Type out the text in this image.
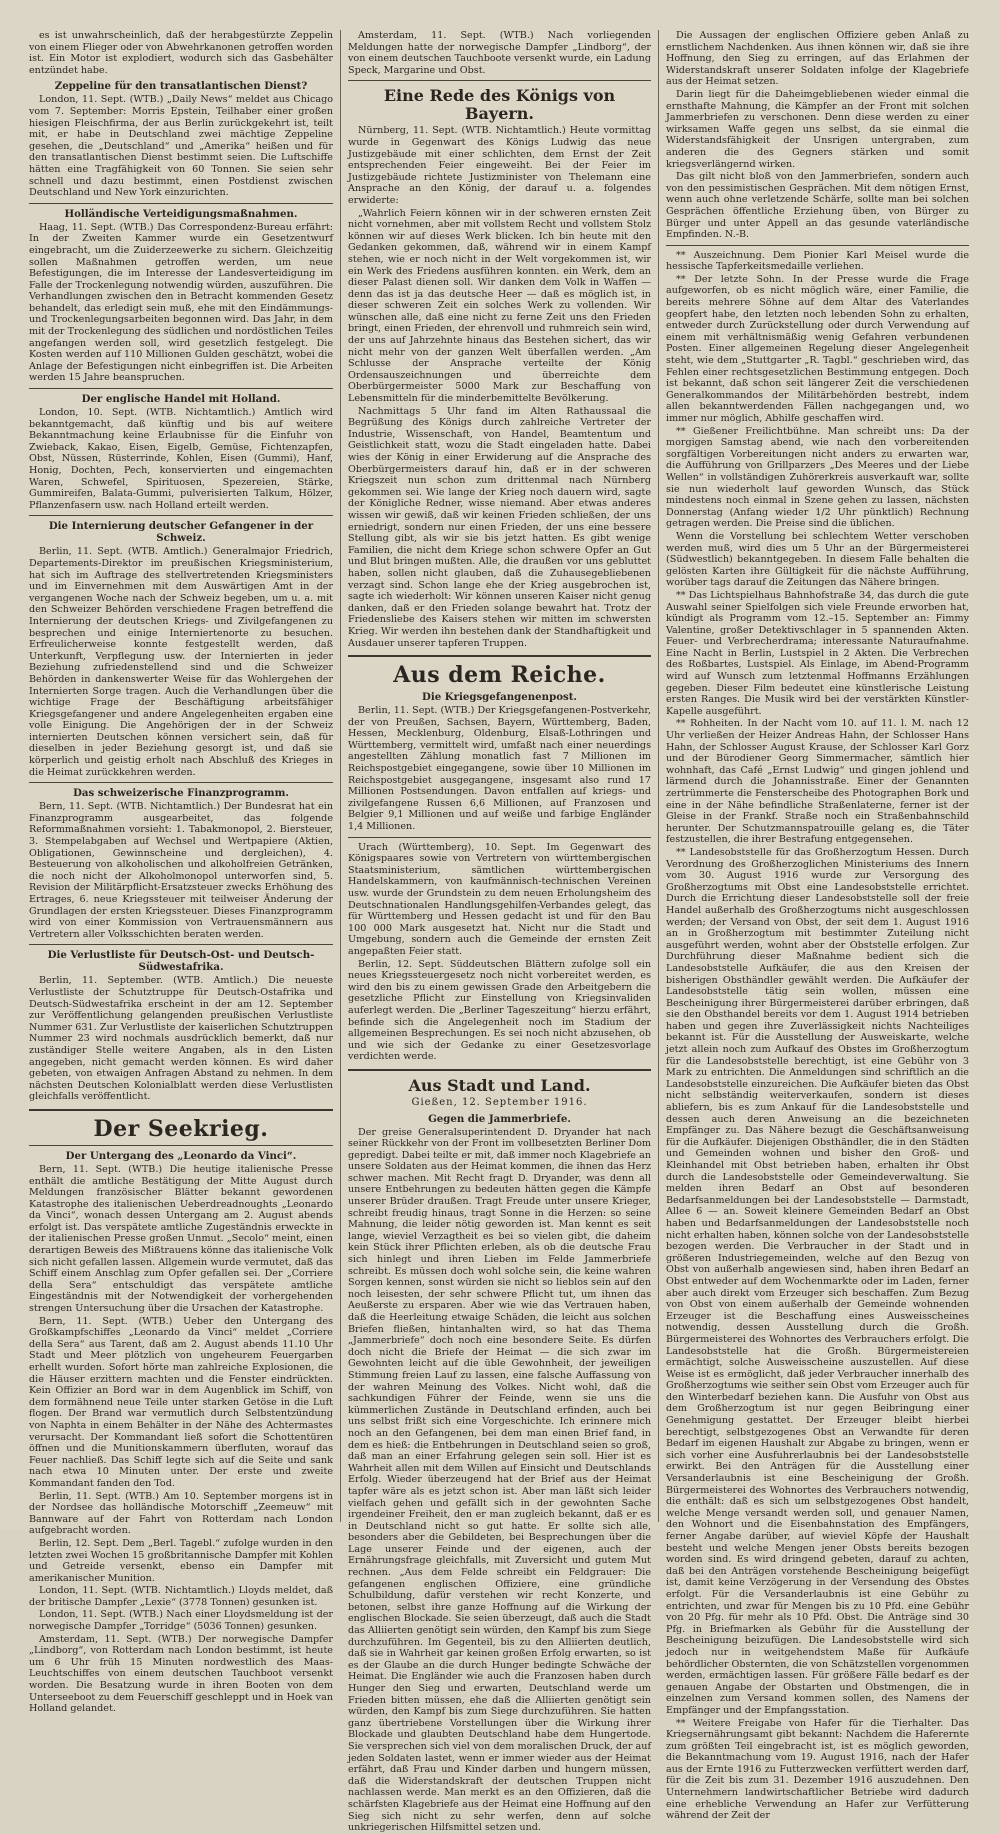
es ist unwahrscheinlich, daß der herabgestürzte Zeppelin von einem Flieger oder von Abwehrkanonen getroffen worden ist. Ein Motor ist explodiert, wodurch sich das Gasbehälter entzündet habe.

Zeppeline für den transatlantischen Dienst?

London, 11. Sept. (WTB.) „Daily News“ meldet aus Chicago vom 7. September: Morris Epstein, Teilhaber einer großen hiesigen Fleischfirma, der aus Berlin zurückgekehrt ist, teilt mit, er habe in Deutschland zwei mächtige Zeppeline gesehen, die „Deutschland“ und „Amerika“ heißen und für den transatlantischen Dienst bestimmt seien. Die Luftschiffe hätten eine Tragfähigkeit von 60 Tonnen. Sie seien sehr schnell und dazu bestimmt, einen Postdienst zwischen Deutschland und New York einzurichten.

Holländische Verteidigungsmaßnahmen.

Haag, 11. Sept. (WTB.) Das Correspondenz-Bureau erfährt: In der Zweiten Kammer wurde ein Gesetzentwurf eingebracht, um die Zuiderzeewerke zu sichern. Gleichzeitig sollen Maßnahmen getroffen werden, um neue Befestigungen, die im Interesse der Landesverteidigung im Falle der Trockenlegung notwendig würden, auszuführen. Die Verhandlungen zwischen den in Betracht kommenden Gesetz behandelt, das erledigt sein muß, ehe mit den Eindämmungs- und Trockenlegungsarbeiten begonnen wird. Das Jahr, in dem mit der Trockenlegung des südlichen und nordöstlichen Teiles angefangen werden soll, wird gesetzlich festgelegt. Die Kosten werden auf 110 Millionen Gulden geschätzt, wobei die Anlage der Befestigungen nicht einbegriffen ist. Die Arbeiten werden 15 Jahre beanspruchen.

Der englische Handel mit Holland.

London, 10. Sept. (WTB. Nichtamtlich.) Amtlich wird bekanntgemacht, daß künftig und bis auf weitere Bekanntmachung keine Erlaubnisse für die Einfuhr von Zwieback, Kakao, Eisen, Eigelb, Gemüse, Fichtenzapfen, Obst, Nüssen, Rüsterrinde, Kohlen, Eisen (Gummi), Hanf, Honig, Dochten, Pech, konservierten und eingemachten Waren, Schwefel, Spirituosen, Spezereien, Stärke, Gummireifen, Balata-Gummi, pulverisierten Talkum, Hölzer, Pflanzenfasern usw. nach Holland erteilt werden.

Die Internierung deutscher Gefangener in der Schweiz.

Berlin, 11. Sept. (WTB. Amtlich.) Generalmajor Friedrich, Departements-Direktor im preußischen Kriegsministerium, hat sich im Auftrage des stellvertretenden Kriegsministers und im Einvernehmen mit dem Auswärtigen Amt in der vergangenen Woche nach der Schweiz begeben, um u. a. mit den Schweizer Behörden verschiedene Fragen betreffend die Internierung der deutschen Kriegs- und Zivilgefangenen zu besprechen und einige Interniertenorte zu besuchen. Erfreulicherweise konnte festgestellt werden, daß Unterkunft, Verpflegung usw. der Internierten in jeder Beziehung zufriedenstellend sind und die Schweizer Behörden in dankenswerter Weise für das Wohlergehen der Internierten Sorge tragen. Auch die Verhandlungen über die wichtige Frage der Beschäftigung arbeitsfähiger Kriegsgefangener und andere Angelegenheiten ergaben eine volle Einigung. Die Angehörigen der in der Schweiz internierten Deutschen können versichert sein, daß für dieselben in jeder Beziehung gesorgt ist, und daß sie körperlich und geistig erholt nach Abschluß des Krieges in die Heimat zurückkehren werden.

Das schweizerische Finanzprogramm.

Bern, 11. Sept. (WTB. Nichtamtlich.) Der Bundesrat hat ein Finanzprogramm ausgearbeitet, das folgende Reformmaßnahmen vorsieht: 1. Tabakmonopol, 2. Biersteuer, 3. Stempelabgaben auf Wechsel und Wertpapiere (Aktien, Obligationen, Gewinnscheine und dergleichen), 4. Besteuerung von alkoholischen und alkoholfreien Getränken, die noch nicht der Alkoholmonopol unterworfen sind, 5. Revision der Militärpflicht-Ersatzsteuer zwecks Erhöhung des Ertrages, 6. neue Kriegssteuer mit teilweiser Änderung der Grundlagen der ersten Kriegssteuer. Dieses Finanzprogramm wird von einer Kommission von Vertrauensmännern aus Vertretern aller Volksschichten beraten werden.

Die Verlustliste für Deutsch-Ost- und Deutsch-Südwestafrika.

Berlin, 11. September. (WTB. Amtlich.) Die neueste Verlustliste der Schutztruppe für Deutsch-Ostafrika und Deutsch-Südwestafrika erscheint in der am 12. September zur Veröffentlichung gelangenden preußischen Verlustliste Nummer 631. Zur Verlustliste der kaiserlichen Schutztruppen Nummer 23 wird nochmals ausdrücklich bemerkt, daß nur zuständiger Stelle weitere Angaben, als in den Listen angegeben, nicht gemacht werden können. Es wird daher gebeten, von etwaigen Anfragen Abstand zu nehmen. In dem nächsten Deutschen Kolonialblatt werden diese Verlustlisten gleichfalls veröffentlicht.

Der Seekrieg.
Der Untergang des „Leonardo da Vinci“.

Bern, 11. Sept. (WTB.) Die heutige italienische Presse enthält die amtliche Bestätigung der Mitte August durch Meldungen französischer Blätter bekannt gewordenen Katastrophe des italienischen Ueberdreadnoughts „Leonardo da Vinci“, wonach dessen Untergang am 2. August abends erfolgt ist. Das verspätete amtliche Zugeständnis erweckte in der italienischen Presse großen Unmut. „Secolo“ meint, einen derartigen Beweis des Mißtrauens könne das italienische Volk sich nicht gefallen lassen. Allgemein wurde vermutet, daß das Schiff einem Anschlag zum Opfer gefallen sei. Der „Corriere della Sera“ entschuldigt das verspätete amtliche Eingeständnis mit der Notwendigkeit der vorhergehenden strengen Untersuchung über die Ursachen der Katastrophe.

Bern, 11. Sept. (WTB.) Ueber den Untergang des Großkampfschiffes „Leonardo da Vinci“ meldet „Corriere della Sera“ aus Tarent, daß am 2. August abends 11.10 Uhr Stadt und Meer plötzlich von ungeheurem Feuergarben erhellt wurden. Sofort hörte man zahlreiche Explosionen, die die Häuser erzittern machten und die Fenster eindrückten. Kein Offizier an Bord war in dem Augenblick im Schiff, von dem formähnend neue Teile unter starken Getöse in die Luft flogen. Der Brand war vermutlich durch Selbstentzündung von Naphta in einem Behälter in der Nähe des Achtermastes verursacht. Der Kommandant ließ sofort die Schottentüren öffnen und die Munitionskammern überfluten, worauf das Feuer nachließ. Das Schiff legte sich auf die Seite und sank nach etwa 10 Minuten unter. Der erste und zweite Kommandant fanden den Tod.

Berlin, 11. Sept. (WTB.) Am 10. September morgens ist in der Nordsee das holländische Motorschiff „Zeemeuw“ mit Bannware auf der Fahrt von Rotterdam nach London aufgebracht worden.

Berlin, 12. Sept. Dem „Berl. Tagebl.“ zufolge wurden in den letzten zwei Wochen 15 großbritannische Dampfer mit Kohlen und Getreide versenkt, ebenso ein Dampfer mit amerikanischer Munition.

London, 11. Sept. (WTB. Nichtamtlich.) Lloyds meldet, daß der britische Dampfer „Lexie“ (3778 Tonnen) gesunken ist.

London, 11. Sept. (WTB.) Nach einer Lloydsmeldung ist der norwegische Dampfer „Torridge“ (5036 Tonnen) gesunken.

Amsterdam, 11. Sept. (WTB.) Der norwegische Dampfer „Lindborg“, von Rotterdam nach London bestimmt, ist heute um 6 Uhr früh 15 Minuten nordwestlich des Maas-Leuchtschiffes von einem deutschen Tauchboot versenkt worden. Die Besatzung wurde in ihren Booten von dem Unterseeboot zu dem Feuerschiff geschleppt und in Hoek van Holland gelandet.

Amsterdam, 11. Sept. (WTB.) Nach vorliegenden Meldungen hatte der norwegische Dampfer „Lindborg“, der von einem deutschen Tauchboote versenkt wurde, ein Ladung Speck, Margarine und Obst.

Eine Rede des Königs von Bayern.

Nürnberg, 11. Sept. (WTB. Nichtamtlich.) Heute vormittag wurde in Gegenwart des Königs Ludwig das neue Justizgebäude mit einer schlichten, dem Ernst der Zeit entsprechenden Feier eingeweiht. Bei der Feier im Justizgebäude richtete Justizminister von Thelemann eine Ansprache an den König, der darauf u. a. folgendes erwiderte:

„Wahrlich Feiern können wir in der schweren ernsten Zeit nicht vornehmen, aber mit vollstem Recht und vollstem Stolz können wir auf dieses Werk blicken. Ich bin heute mit den Gedanken gekommen, daß, während wir in einem Kampf stehen, wie er noch nicht in der Welt vorgekommen ist, wir ein Werk des Friedens ausführen konnten. ein Werk, dem an dieser Palast dienen soll. Wir danken dem Volk in Waffen — denn das ist ja das deutsche Heer — daß es möglich ist, in dieser schweren Zeit ein solches Werk zu vollenden. Wir wünschen alle, daß eine nicht zu ferne Zeit uns den Frieden bringt, einen Frieden, der ehrenvoll und ruhmreich sein wird, der uns auf Jahrzehnte hinaus das Bestehen sichert, das wir nicht mehr von der ganzen Welt überfallen werden. „Am Schlusse der Ansprache verteilte der König Ordensauszeichnungen und überreichte dem Oberbürgermeister 5000 Mark zur Beschaffung von Lebensmitteln für die minderbemittelte Bevölkerung.

Nachmittags 5 Uhr fand im Alten Rathaussaal die Begrüßung des Königs durch zahlreiche Vertreter der Industrie, Wissenschaft, von Handel, Beamtentum und Geistlichkeit statt, wozu die Stadt eingeladen hatte. Dabei wies der König in einer Erwiderung auf die Ansprache des Oberbürgermeisters darauf hin, daß er in der schweren Kriegszeit nun schon zum drittenmal nach Nürnberg gekommen sei. Wie lange der Krieg noch dauern wird, sagte der Königliche Redner, wisse niemand. Aber etwas anderes wissen wir gewiß, daß wir keinen Frieden schließen, der uns erniedrigt, sondern nur einen Frieden, der uns eine bessere Stellung gibt, als wir sie bis jetzt hatten. Es gibt wenige Familien, die nicht dem Kriege schon schwere Opfer an Gut und Blut bringen mußten. Alle, die draußen vor uns gebluttet haben, sollen nicht glauben, daß die Zuhausegebliebenen verzagt sind. Schon lange ehe der Krieg ausgebrochen ist, sagte ich wiederholt: Wir können unseren Kaiser nicht genug danken, daß er den Frieden solange bewahrt hat. Trotz der Friedensliebe des Kaisers stehen wir mitten im schwersten Krieg. Wir werden ihn bestehen dank der Standhaftigkeit und Ausdauer unserer tapferen Truppen.

Aus dem Reiche.
Die Kriegsgefangenenpost.

Berlin, 11. Sept. (WTB.) Der Kriegsgefangenen-Postverkehr, der von Preußen, Sachsen, Bayern, Württemberg, Baden, Hessen, Mecklenburg, Oldenburg, Elsaß-Lothringen und Württemberg, vermittelt wird, umfaßt nach einer neuerdings angestellten Zählung monatlich fast 7 Millionen im Reichspostgebiet eingegangene, sowie über 10 Millionen im Reichspostgebiet ausgegangene, insgesamt also rund 17 Millionen Postsendungen. Davon entfallen auf kriegs- und zivilgefangene Russen 6,6 Millionen, auf Franzosen und Belgier 9,1 Millionen und auf weiße und farbige Engländer 1,4 Millionen.

Urach (Württemberg), 10. Sept. Im Gegenwart des Königspaares sowie von Vertretern von württembergischen Staatsministerium, sämtlichen württembergischen Handelskammern, von kaufmännisch-technischen Vereinen usw. wurde der Grundstein zu dem neuen Erholungsheim des Deutschnationalen Handlungsgehilfen-Verbandes gelegt, das für Württemberg und Hessen gedacht ist und für den Bau 100 000 Mark ausgesetzt hat. Nicht nur die Stadt und Umgebung, sondern auch die Gemeinde der ernsten Zeit angepaßten Feier statt.

Berlin, 12. Sept. Süddeutschen Blättern zufolge soll ein neues Kriegssteuergesetz noch nicht vorbereitet werden, es wird den bis zu einem gewissen Grade den Arbeitgebern die gesetzliche Pflicht zur Einstellung von Kriegsinvaliden auferlegt werden. Die „Berliner Tageszeitung“ hierzu erfährt, befinde sich die Angelegenheit noch im Stadium der allgemeinen Besprechungen. Es sei noch nicht abzusehen, ob und wie sich der Gedanke zu einer Gesetzesvorlage verdichten werde.

Aus Stadt und Land.
Gießen, 12. September 1916.
Gegen die Jammerbriefe.

Der greise Generalsuperintendent D. Dryander hat nach seiner Rückkehr von der Front im vollbesetzten Berliner Dom gepredigt. Dabei teilte er mit, daß immer noch Klagebriefe an unsere Soldaten aus der Heimat kommen, die ihnen das Herz schwer machen. Mit Recht fragt D. Dryander, was denn all unsere Entbehrungen zu bedeuten hätten gegen die Kämpfe unserer Brüder draußen. Tragt Freude unter unsere Krieger, schreibt freudig hinaus, tragt Sonne in die Herzen: so seine Mahnung, die leider nötig geworden ist. Man kennt es seit lange, wieviel Verzagtheit es bei so vielen gibt, die daheim kein Stück ihrer Pflichten erleben, als ob die deutsche Frau sich hinlegt und ihren Lieben im Felde Jammerbriefe schreibt. Es müssen doch wohl solche sein, die keine wahren Sorgen kennen, sonst würden sie nicht so lieblos sein auf den noch leisesten, der sehr schwere Pflicht tut, um ihnen das Aeußerste zu ersparen. Aber wie wie das Vertrauen haben, daß die Heerleitung etwaige Schäden, die leicht aus solchen Briefen fließen, hintanhalten wird, so hat das Thema „Jammerbriefe“ doch noch eine besondere Seite. Es dürfen doch nicht die Briefe der Heimat — die sich zwar im Gewohnten leicht auf die üble Gewohnheit, der jeweiligen Stimmung freien Lauf zu lassen, eine falsche Auffassung von der wahren Meinung des Volkes. Nicht wohl, daß die sachkundigen Führer der Feinde, wenn sie uns die kümmerlichen Zustände in Deutschland erfinden, auch bei uns selbst frißt sich eine Vorgeschichte. Ich erinnere mich noch an den Gefangenen, bei dem man einen Brief fand, in dem es hieß: die Entbehrungen in Deutschland seien so groß, daß man an einer Erfahrung gelegen sein soll. Hier ist es Wahrheit allen mit dem Willen auf Einsicht und Deutschlands Erfolg. Wieder überzeugend hat der Brief aus der Heimat tapfer wäre als es jetzt schon ist. Aber man läßt sich leider vielfach gehen und gefällt sich in der gewohnten Sache irgendeiner Freiheit, den er man zugleich bekannt, daß er es in Deutschland nicht so gut hatte. Er sollte sich alle, besonders aber die Gebildeten, bei Besprechungen über die Lage unserer Feinde und der eigenen, auch der Ernährungsfrage gleichfalls, mit Zuversicht und gutem Mut rechnen. „Aus dem Felde schreibt ein Feldgrauer: Die gefangenen englischen Offiziere, eine gründliche Schulbildung, dafür verstehen wir recht Konzerte, und betonen, selbst ihre ganze Hoffnung auf die Wirkung der englischen Blockade. Sie seien überzeugt, daß auch die Stadt das Alliierten genötigt sein würden, den Kampf bis zum Siege durchzuführen. Im Gegenteil, bis zu den Alliierten deutlich, daß sie in Wahrheit gar keinen großen Erfolg erwarten, so ist es der Glaube an die durch Hunger bedingte Schwäche der Heimat. Die Engländer wie auch die Franzosen haben durch Hunger den Sieg und erwarten, Deutschland werde um Frieden bitten müssen, ehe daß die Alliierten genötigt sein würden, den Kampf bis zum Siege durchzuführen. Sie hatten ganz übertriebene Vorstellungen über die Wirkung ihrer Blockade und glaubten Deutschland habe dem Hungertode. Sie versprechen sich viel von dem moralischen Druck, der auf jeden Soldaten lastet, wenn er immer wieder aus der Heimat erfährt, daß Frau und Kinder darben und hungern müssen, daß die Widerstandskraft der deutschen Truppen nicht nachlassen werde. Man merkt es an den Offizieren, daß die schärfsten Klagebriefe aus der Heimat eine Hoffnung auf den Sieg sich nicht zu sehr werfen, denn auf solche unkriegerischen Hilfsmittel setzen und.

Die Aussagen der englischen Offiziere geben Anlaß zu ernstlichem Nachdenken. Aus ihnen können wir, daß sie ihre Hoffnung, den Sieg zu erringen, auf das Erlahmen der Widerstandskraft unserer Soldaten infolge der Klagebriefe aus der Heimat setzen.

Darin liegt für die Daheimgebliebenen wieder einmal die ernsthafte Mahnung, die Kämpfer an der Front mit solchen Jammerbriefen zu verschonen. Denn diese werden zu einer wirksamen Waffe gegen uns selbst, da sie einmal die Widerstandsfähigkeit der Unsrigen untergraben, zum anderen die des Gegners stärken und somit kriegsverlängernd wirken.

Das gilt nicht bloß von den Jammerbriefen, sondern auch von den pessimistischen Gesprächen. Mit dem nötigen Ernst, wenn auch ohne verletzende Schärfe, sollte man bei solchen Gesprächen öffentliche Erziehung üben, von Bürger zu Bürger und unter Appell an das gesunde vaterländische Empfinden. N.-B.

** Auszeichnung. Dem Pionier Karl Meisel wurde die hessische Tapferkeitsmedaille verliehen.

** Der letzte Sohn. In der Presse wurde die Frage aufgeworfen, ob es nicht möglich wäre, einer Familie, die bereits mehrere Söhne auf dem Altar des Vaterlandes geopfert habe, den letzten noch lebenden Sohn zu erhalten, entweder durch Zurückstellung oder durch Verwendung auf einem mit verhältnismäßig wenig Gefahren verbundenen Posten. Einer allgemeinen Regelung dieser Angelegenheit steht, wie dem „Stuttgarter „R. Tagbl.“ geschrieben wird, das Fehlen einer rechtsgesetzlichen Bestimmung entgegen. Doch ist bekannt, daß schon seit längerer Zeit die verschiedenen Generalkommandos der Militärbehörden bestrebt, indem allen bekanntwerdenden Fällen nachgegangen und, wo immer nur möglich, Abhilfe geschaffen wird.

** Gießener Freilichtbühne. Man schreibt uns: Da der morgigen Samstag abend, wie nach den vorbereitenden sorgfältigen Vorbereitungen nicht anders zu erwarten war, die Aufführung von Grillparzers „Des Meeres und der Liebe Wellen“ in vollständigen Zuhörerkreis ausverkauft war, sollte sie nun wiederholt lauf geworden Wunsch, das Stück mindestens noch einmal in Szene gehen zu lassen, nächsten Donnerstag (Anfang wieder 1/2 Uhr pünktlich) Rechnung getragen werden. Die Preise sind die üblichen.

Wenn die Vorstellung bei schlechtem Wetter verschoben werden muß, wird dies um 5 Uhr an der Bürgermeisterei (Südwestlich) bekanntgegeben. In diesem Falle behalten die gelösten Karten ihre Gültigkeit für die nächste Aufführung, worüber tags darauf die Zeitungen das Nähere bringen.

** Das Lichtspielhaus Bahnhofstraße 34, das durch die gute Auswahl seiner Spielfolgen sich viele Freunde erworben hat, kündigt als Programm vom 12.–15. September an: Fimmy Valentine, großer Detektivschlager in 5 spannenden Akten. Feuer- und Verbrecherdrama; interessante Naturaufnahme. Eine Nacht in Berlin, Lustspiel in 2 Akten. Die Verbrechen des Roßbartes, Lustspiel. Als Einlage, im Abend-Programm wird auf Wunsch zum letztenmal Hoffmanns Erzählungen gegeben. Dieser Film bedeutet eine künstlerische Leistung ersten Ranges. Die Musik wird bei der verstärkten Künstler-Kapelle ausgeführt.

** Rohheiten. In der Nacht vom 10. auf 11. l. M. nach 12 Uhr verließen der Heizer Andreas Hahn, der Schlosser Hans Hahn, der Schlosser August Krause, der Schlosser Karl Gorz und der Bürodiener Georg Simmermacher, sämtlich hier wohnhaft, das Café „Ernst Ludwig“ und gingen johlend und lärmend durch die Johannisstraße. Einer der Genannten zertrümmerte die Fensterscheibe des Photographen Bork und eine in der Nähe befindliche Straßenlaterne, ferner ist der Gleise in der Frankf. Straße noch ein Straßenbahnschild herunter. Der Schutzmannspatrouille gelang es, die Täter festzustellen, die ihrer Bestrafung entgegensehen.

** Landesobststelle für das Großherzogtum Hessen. Durch Verordnung des Großherzoglichen Ministeriums des Innern vom 30. August 1916 wurde zur Versorgung des Großherzogtums mit Obst eine Landesobststelle errichtet. Durch die Errichtung dieser Landesobststelle soll der freie Handel außerhalb des Großherzogtums nicht ausgeschlossen werden; der Versand von Obst, der seit dem 1. August 1916 an in Großherzogtum mit bestimmter Zuteilung nicht ausgeführt werden, wohnt aber der Obststelle erfolgen. Zur Durchführung dieser Maßnahme bedient sich die Landesobststelle Aufkäufer, die aus den Kreisen der bisherigen Obsthändler gewählt werden. Die Aufkäufer der Landesobststelle tätig sein wollen, müssen eine Bescheinigung ihrer Bürgermeisterei darüber erbringen, daß sie den Obsthandel bereits vor dem 1. August 1914 betrieben haben und gegen ihre Zuverlässigkeit nichts Nachteiliges bekannt ist. Für die Ausstellung der Ausweiskarte, welche jetzt allein noch zum Aufkauf des Obstes im Großherzogtum für die Landesobststelle berechtigt, ist eine Gebühr von 3 Mark zu entrichten. Die Anmeldungen sind schriftlich an die Landesobststelle einzureichen. Die Aufkäufer bieten das Obst nicht selbständig weiterverkaufen, sondern ist dieses abliefern, bis es zum Ankauf für die Landesobststelle und dessen auch deren Anweisung an die bezeichneten Empfänger zu. Das Nähere bezugt die Geschäftsanweisung für die Aufkäufer. Diejenigen Obsthändler, die in den Städten und Gemeinden wohnen und bisher den Groß- und Kleinhandel mit Obst betrieben haben, erhalten ihr Obst durch die Landesobststelle oder Gemeindeverwaltung. Sie melden ihren Bedarf an Obst auf besonderen Bedarfsanmeldungen bei der Landesobststelle — Darmstadt, Allee 6 — an. Soweit kleinere Gemeinden Bedarf an Obst haben und Bedarfsanmeldungen der Landesobststelle noch nicht erhalten haben, können solche von der Landesobststelle bezogen werden. Die Verbraucher in der Stadt und in größeren Industriegemeinden, welche auf den Bezug von Obst von außerhalb angewiesen sind, haben ihren Bedarf an Obst entweder auf dem Wochenmarkte oder im Laden, ferner aber auch direkt vom Erzeuger sich beschaffen. Zum Bezug von Obst von einem außerhalb der Gemeinde wohnenden Erzeuger ist die Beschaffung eines Ausweisscheines notwendig, dessen Ausstellung durch die Großh. Bürgermeisterei des Wohnortes des Verbrauchers erfolgt. Die Landesobststelle hat die Großh. Bürgermeistereien ermächtigt, solche Ausweisscheine auszustellen. Auf diese Weise ist es ermöglicht, daß jeder Verbraucher innerhalb des Großherzogtums wie seither sein Obst vom Erzeuger auch für den Winterbedarf beziehen kann. Die Ausfuhr von Obst aus dem Großherzogtum ist nur gegen Beibringung einer Genehmigung gestattet. Der Erzeuger bleibt hierbei berechtigt, selbstgezogenes Obst an Verwandte für deren Bedarf im eigenen Haushalt zur Abgabe zu bringen, wenn er sich vorher eine Ausfuhrerlaubnis bei der Landesobststelle erwirkt. Bei den Anträgen für die Ausstellung einer Versanderlaubnis ist eine Bescheinigung der Großh. Bürgermeisterei des Wohnortes des Verbrauchers notwendig, die enthält: daß es sich um selbstgezogenes Obst handelt, welche Menge versandt werden soll, und genauer Namen, den Wohnort und die Eisenbahnstation des Empfängers, ferner Angabe darüber, auf wieviel Köpfe der Haushalt besteht und welche Mengen jener Obsts bereits bezogen worden sind. Es wird dringend gebeten, darauf zu achten, daß bei den Anträgen vorstehende Bescheinigung beigefügt ist, damit keine Verzögerung in der Versendung des Obstes erfolgt. Für die Versanderlaubnis ist eine Gebühr zu entrichten, und zwar für Mengen bis zu 10 Pfd. eine Gebühr von 20 Pfg. für mehr als 10 Pfd. Obst. Die Anträge sind 30 Pfg. in Briefmarken als Gebühr für die Ausstellung der Bescheinigung beizufügen. Die Landesobststelle wird sich jedoch nur in weitgehendstem Maße für Aufkäufe behördlicher Obsternten, die von Schätzstellen vorgenommen werden, ermächtigen lassen. Für größere Fälle bedarf es der genauen Angabe der Obstarten und Obstmengen, die in einzelnen zum Versand kommen sollen, des Namens der Empfänger und der Empfangsstation.

** Weitere Freigabe von Hafer für die Tierhalter. Das Kriegsernährungsamt gibt bekannt: Nachdem die Haferernte zum größten Teil eingebracht ist, ist es möglich geworden, die Bekanntmachung vom 19. August 1916, nach der Hafer aus der Ernte 1916 zu Futterzwecken verfüttert werden darf, für die Zeit bis zum 31. Dezember 1916 auszudehnen. Den Unternehmern landwirtschaftlicher Betriebe wird dadurch eine erhebliche Verwendung an Hafer zur Verfütterung während der Zeit der
